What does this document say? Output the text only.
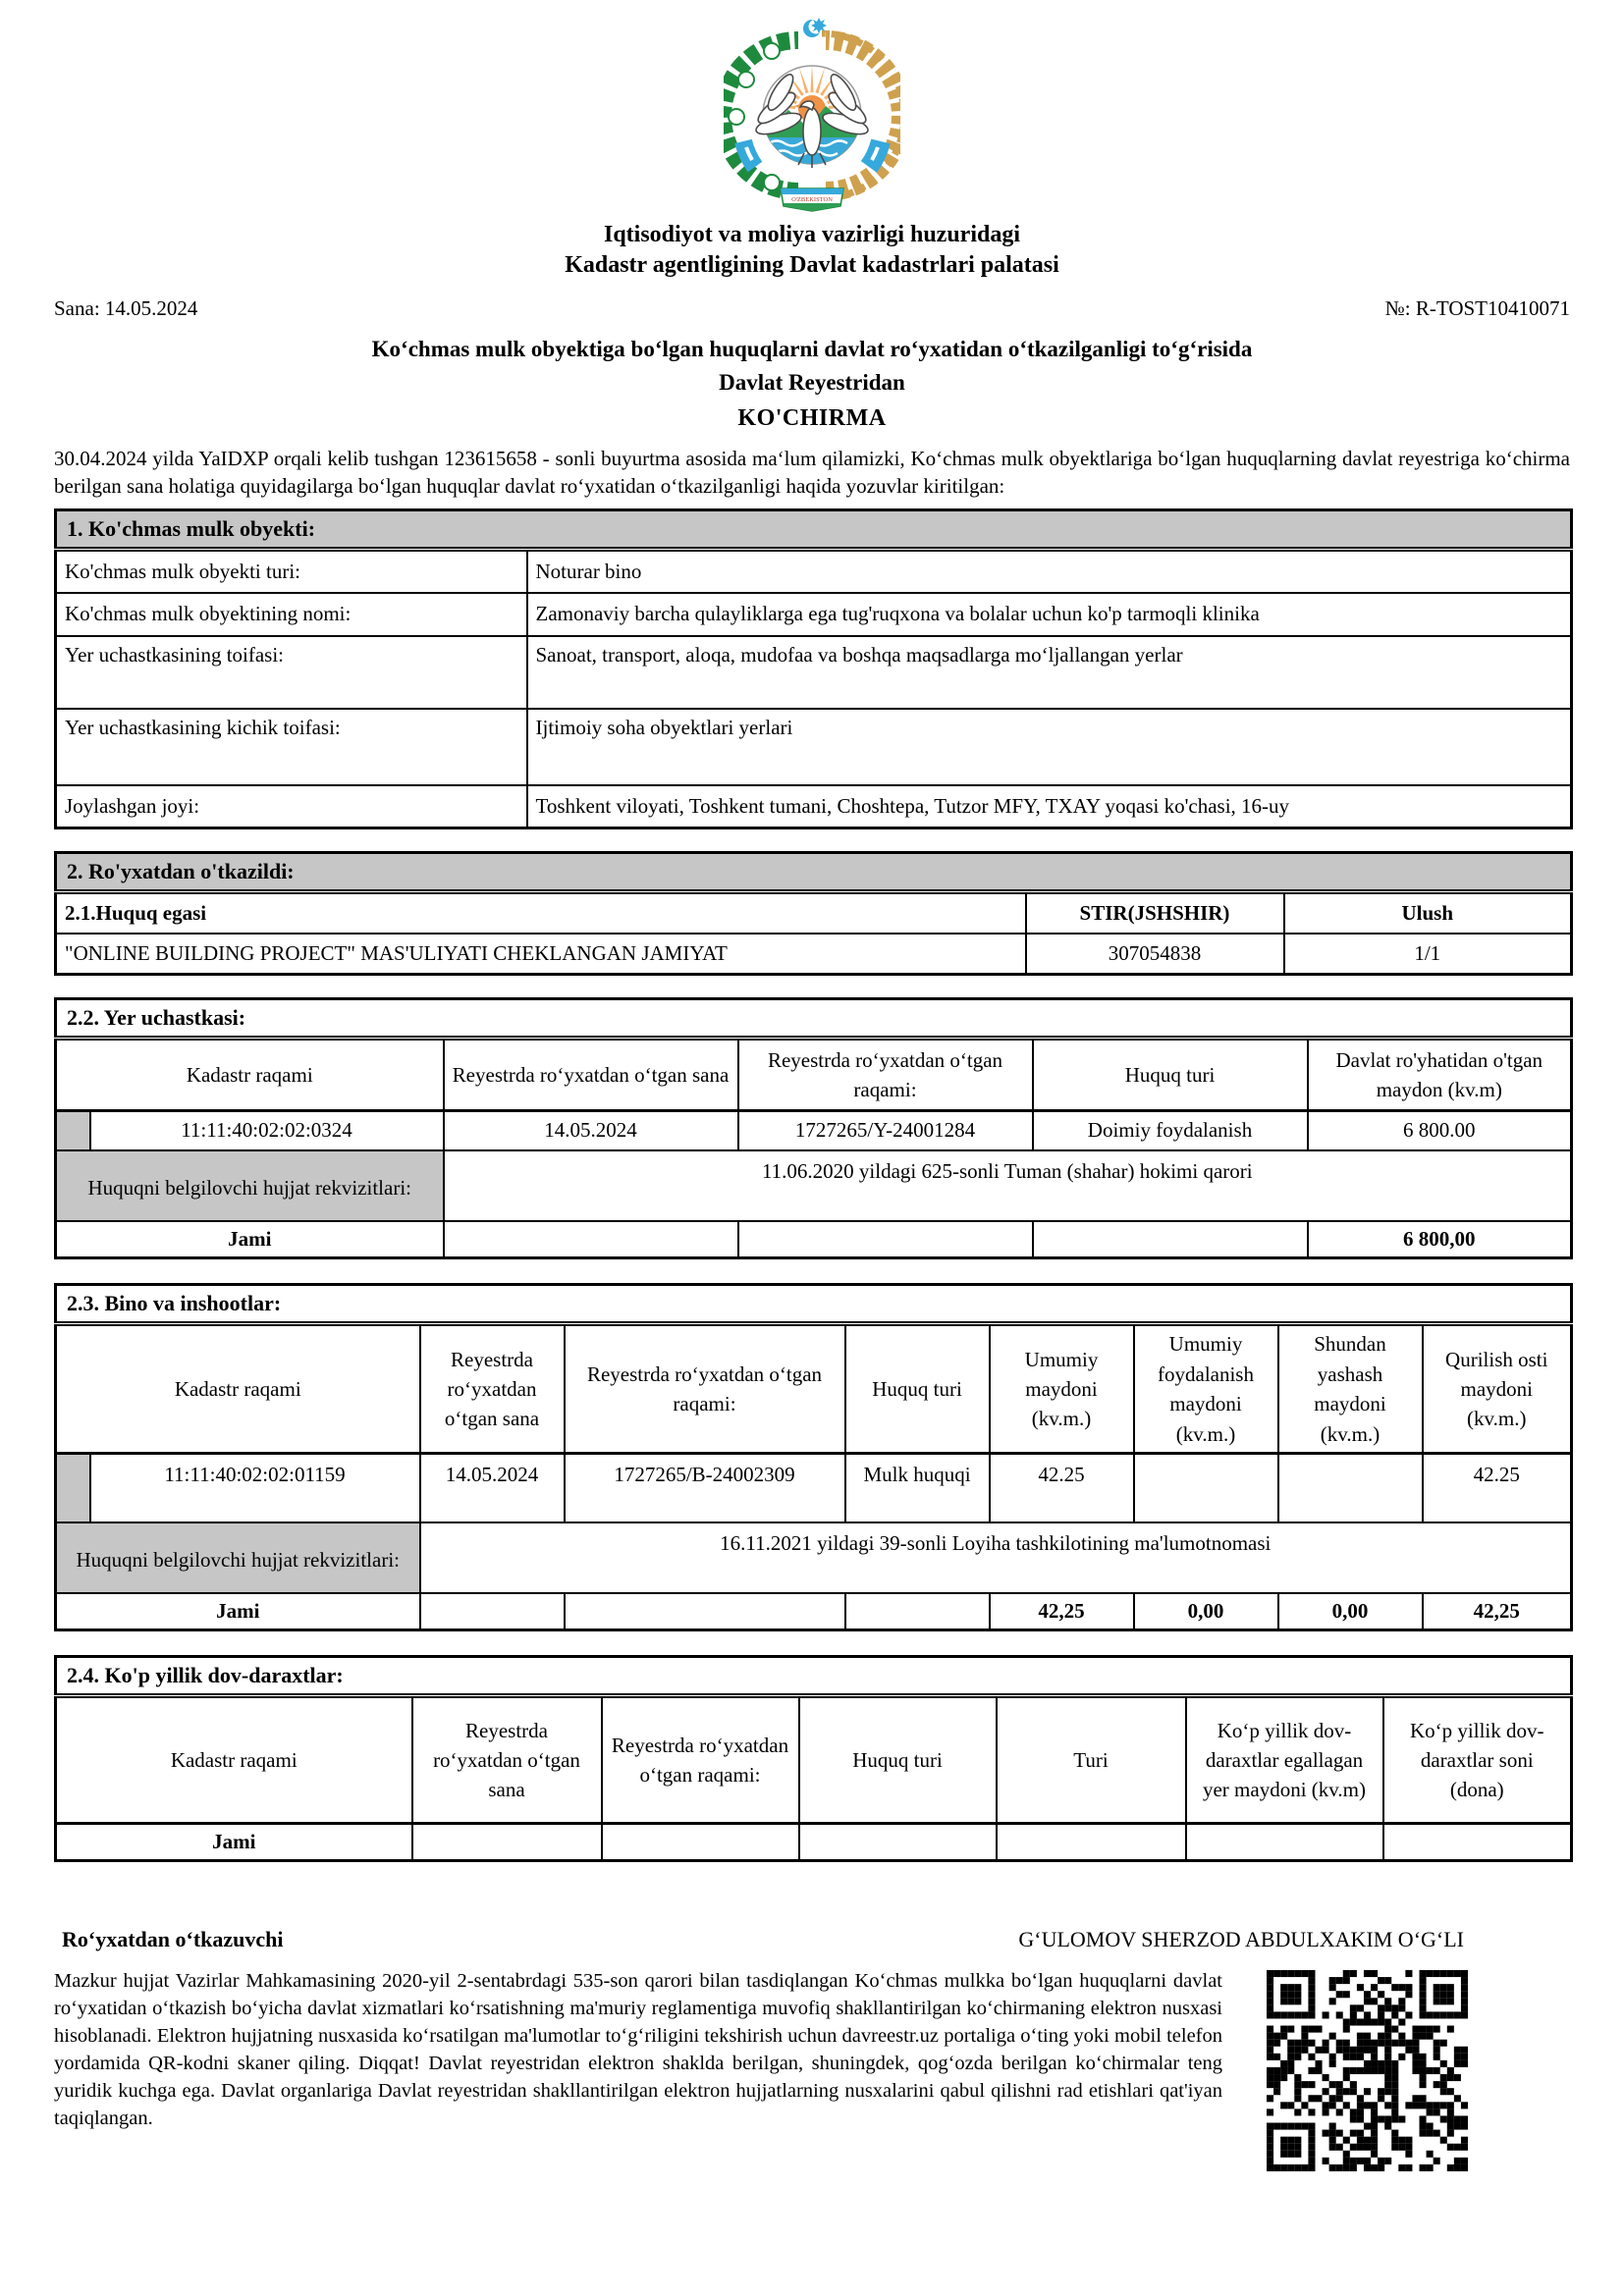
O'ZBEKISTON
Iqtisodiyot va moliya vazirligi huzuridagi
Kadastr agentligining Davlat kadastrlari palatasi
Sana: 14.05.2024	№: R-TOST10410071
Koʻchmas mulk obyektiga boʻlgan huquqlarni davlat roʻyxatidan oʻtkazilganligi toʻgʻrisida
Davlat Reyestridan
KO'CHIRMA

30.04.2024 yilda YaIDXP orqali kelib tushgan 123615658 - sonli buyurtma asosida maʻlum qilamizki, Koʻchmas mulk obyektlariga boʻlgan huquqlarning davlat reyestriga koʻchirma berilgan sana holatiga quyidagilarga boʻlgan huquqlar davlat roʻyxatidan oʻtkazilganligi haqida yozuvlar kiritilgan:

1. Ko'chmas mulk obyekti:	
Ko'chmas mulk obyekti turi:	Noturar bino
Ko'chmas mulk obyektining nomi:	Zamonaviy barcha qulayliklarga ega tug'ruqxona va bolalar uchun ko'p tarmoqli klinika
Yer uchastkasining toifasi:	Sanoat, transport, aloqa, mudofaa va boshqa maqsadlarga moʻljallangan yerlar
Yer uchastkasining kichik toifasi:	Ijtimoiy soha obyektlari yerlari
Joylashgan joyi:	Toshkent viloyati, Toshkent tumani, Choshtepa, Tutzor MFY, TXAY yoqasi ko'chasi, 16-uy
2. Ro'yxatdan o'tkazildi:		
2.1.Huquq egasi	STIR(JSHSHIR)	Ulush
"ONLINE BUILDING PROJECT" MAS'ULIYATI CHEKLANGAN JAMIYAT	307054838	1/1
2.2. Yer uchastkasi:					
Kadastr raqami		Reyestrda roʻyxatdan oʻtgan sana	Reyestrda roʻyxatdan oʻtgan raqami:	Huquq turi	Davlat ro'yhatidan o'tgan maydon (kv.m)
	11:11:40:02:02:0324	14.05.2024	1727265/Y-24001284	Doimiy foydalanish	6 800.00
Huquqni belgilovchi hujjat rekvizitlari:		11.06.2020 yildagi 625-sonli Tuman (shahar) hokimi qarori			
Jami					6 800,00
2.3. Bino va inshootlar:								
Kadastr raqami		Reyestrda roʻyxatdan oʻtgan sana	Reyestrda roʻyxatdan oʻtgan raqami:	Huquq turi	Umumiy maydoni (kv.m.)	Umumiy foydalanish maydoni (kv.m.)	Shundan yashash maydoni (kv.m.)	Qurilish osti maydoni (kv.m.)
	11:11:40:02:02:01159	14.05.2024	1727265/B-24002309	Mulk huquqi	42.25			42.25
Huquqni belgilovchi hujjat rekvizitlari:		16.11.2021 yildagi 39-sonli Loyiha tashkilotining ma'lumotnomasi						
Jami					42,25	0,00	0,00	42,25
2.4. Ko'p yillik dov-daraxtlar:						
Kadastr raqami	Reyestrda roʻyxatdan oʻtgan sana	Reyestrda roʻyxatdan oʻtgan raqami:	Huquq turi	Turi	Koʻp yillik dov-daraxtlar egallagan yer maydoni (kv.m)	Koʻp yillik dov-daraxtlar soni (dona)
Jami						
Roʻyxatdan oʻtkazuvchi	GʻULOMOV SHERZOD ABDULXAKIM OʻGʻLI

Mazkur hujjat Vazirlar Mahkamasining 2020-yil 2-sentabrdagi 535-son qarori bilan tasdiqlangan Koʻchmas mulkka boʻlgan huquqlarni davlat roʻyxatidan oʻtkazish boʻyicha davlat xizmatlari koʻrsatishning ma'muriy reglamentiga muvofiq shakllantirilgan koʻchirmaning elektron nusxasi hisoblanadi. Elektron hujjatning nusxasida koʻrsatilgan ma'lumotlar toʻgʻriligini tekshirish uchun davreestr.uz portaliga oʻting yoki mobil telefon yordamida QR-kodni skaner qiling. Diqqat! Davlat reyestridan elektron shaklda berilgan, shuningdek, qogʻozda berilgan koʻchirmalar teng yuridik kuchga ega. Davlat organlariga Davlat reyestridan shakllantirilgan elektron hujjatlarning nusxalarini qabul qilishni rad etishlari qat'iyan taqiqlangan.
